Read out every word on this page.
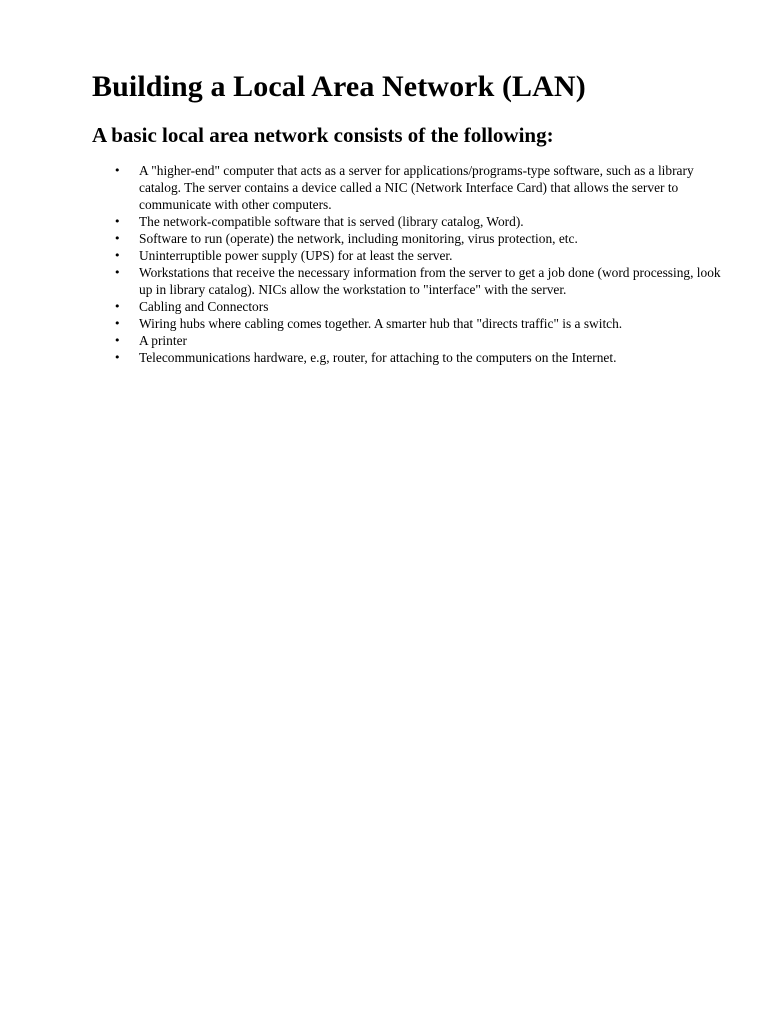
Building a Local Area Network (LAN)
A basic local area network consists of the following:
• A "higher-end" computer that acts as a server for applications/programs-type software, such as a library catalog. The server contains a device called a NIC (Network Interface Card) that allows the server to communicate with other computers.
• The network-compatible software that is served (library catalog, Word).
• Software to run (operate) the network, including monitoring, virus protection, etc.
• Uninterruptible power supply (UPS) for at least the server.
• Workstations that receive the necessary information from the server to get a job done (word processing, look up in library catalog). NICs allow the workstation to "interface" with the server.
• Cabling and Connectors
• Wiring hubs where cabling comes together. A smarter hub that "directs traffic" is a switch.
• A printer
• Telecommunications hardware, e.g, router, for attaching to the computers on the Internet.
